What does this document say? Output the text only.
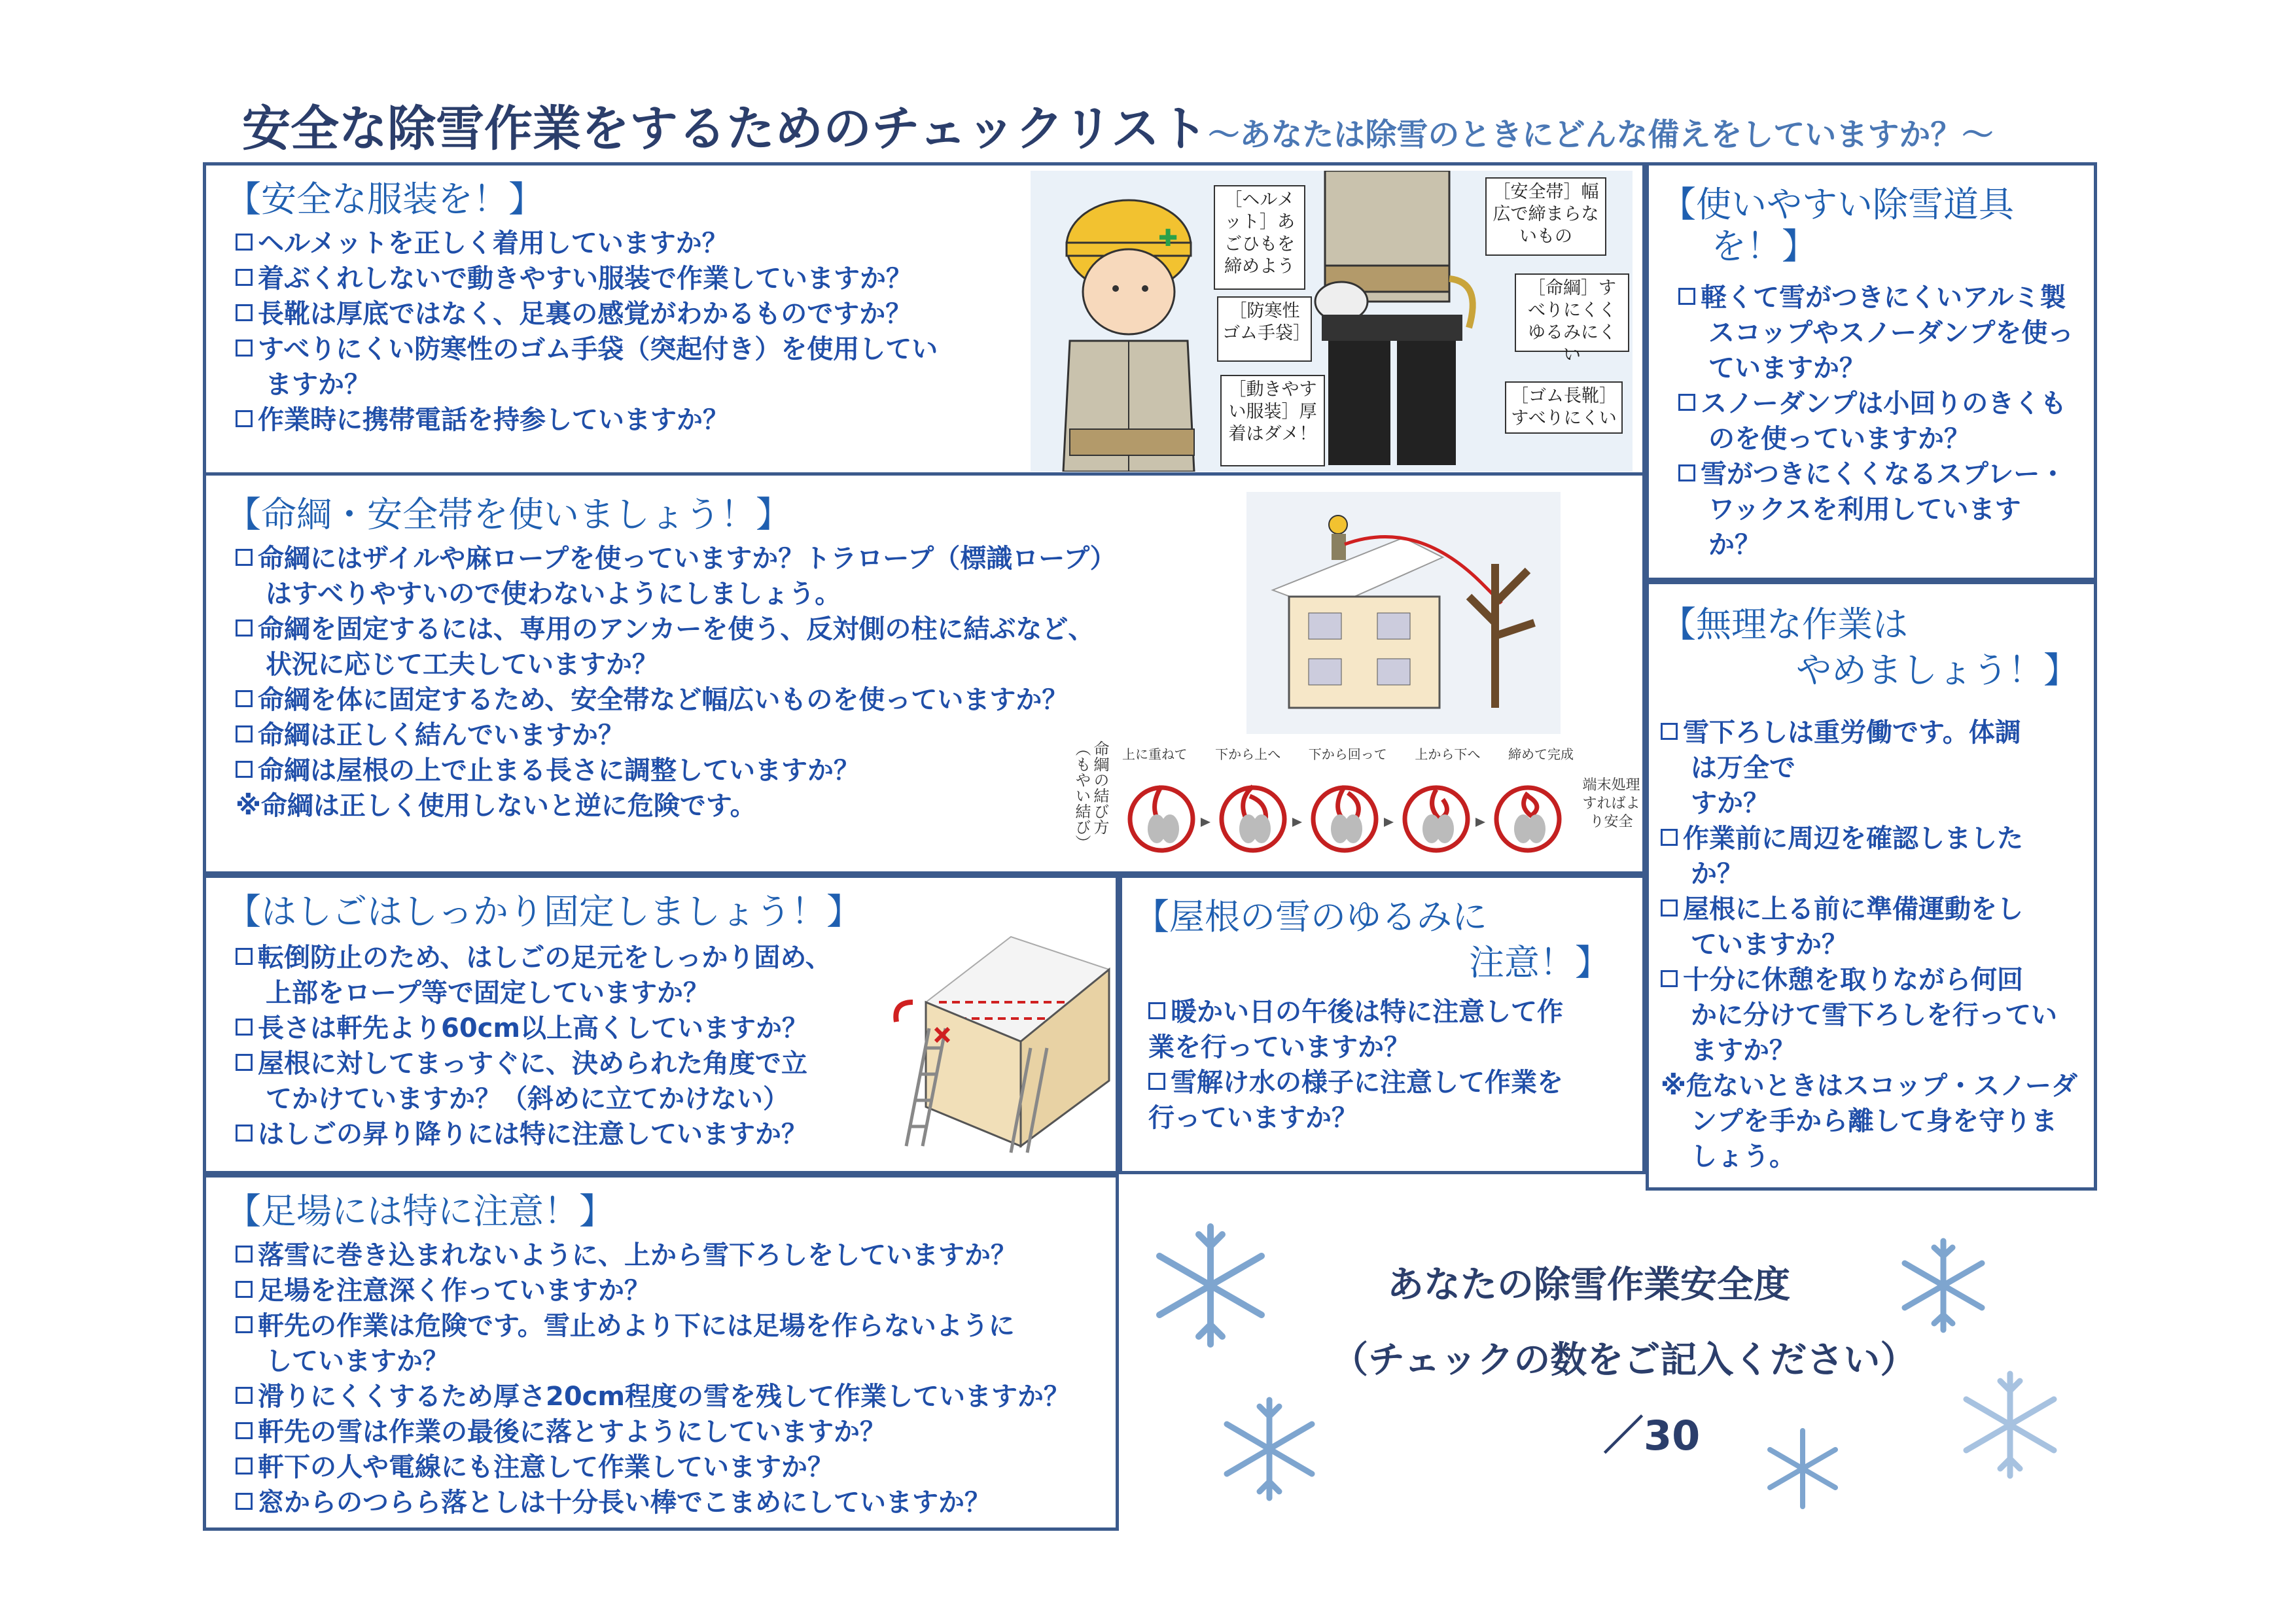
安全な除雪作業をするためのチェックリスト～あなたは除雪のときにどんな備えをしていますか？～
【安全な服装を！】
ヘルメットを正しく着用していますか？
着ぶくれしないで動きやすい服装で作業していますか？
長靴は厚底ではなく、足裏の感覚がわかるものですか？
すべりにくい防寒性のゴム手袋（突起付き）を使用してい
ますか？
作業時に携帯電話を持参していますか？
✚
［ヘルメット］あごひもを締めよう
［防寒性ゴム手袋］
［動きやすい服装］厚着はダメ！
［安全帯］幅広で締まらないもの
［命綱］すべりにくくゆるみにくい
［ゴム長靴］すべりにくい
【命綱・安全帯を使いましょう！】
命綱にはザイルや麻ロープを使っていますか？トラロープ（標識ロープ）
はすべりやすいので使わないようにしましょう。
命綱を固定するには、専用のアンカーを使う、反対側の柱に結ぶなど、
状況に応じて工夫していますか？
命綱を体に固定するため、安全帯など幅広いものを使っていますか？
命綱は正しく結んでいますか？
命綱は屋根の上で止まる長さに調整していますか？
※命綱は正しく使用しないと逆に危険です。	命綱の結び方（もやい結び）	上に重ねて 下から上へ 下から回って 上から下へ 締めて完成
端末処理すればより安全
【使いやすい除雪道具
を！】
軽くて雪がつきにくいアルミ製
スコップやスノーダンプを使っ
ていますか？
スノーダンプは小回りのきくも
のを使っていますか？
雪がつきにくくなるスプレー・
ワックスを利用しています
か？
【無理な作業は
やめましょう！】
雪下ろしは重労働です。体調
は万全で
すか？
作業前に周辺を確認しました
か？
屋根に上る前に準備運動をし
ていますか？
十分に休憩を取りながら何回
かに分けて雪下ろしを行ってい
ますか？
※危ないときはスコップ・スノーダ
ンプを手から離して身を守りま
しょう。
【はしごはしっかり固定しましょう！】
転倒防止のため、はしごの足元をしっかり固め、
上部をロープ等で固定していますか？
長さは軒先より60cm以上高くしていますか？
屋根に対してまっすぐに、決められた角度で立
てかけていますか？（斜めに立てかけない）
はしごの昇り降りには特に注意していますか？
【屋根の雪のゆるみに
注意！】
暖かい日の午後は特に注意して作
業を行っていますか？
雪解け水の様子に注意して作業を
行っていますか？
【足場には特に注意！】
落雪に巻き込まれないように、上から雪下ろしをしていますか？
足場を注意深く作っていますか？
軒先の作業は危険です。雪止めより下には足場を作らないように
していますか？
滑りにくくするため厚さ20cm程度の雪を残して作業していますか？
軒先の雪は作業の最後に落とすようにしていますか？
軒下の人や電線にも注意して作業していますか？
窓からのつらら落としは十分長い棒でこまめにしていますか？
あなたの除雪作業安全度
（チェックの数をご記入ください）
／30
